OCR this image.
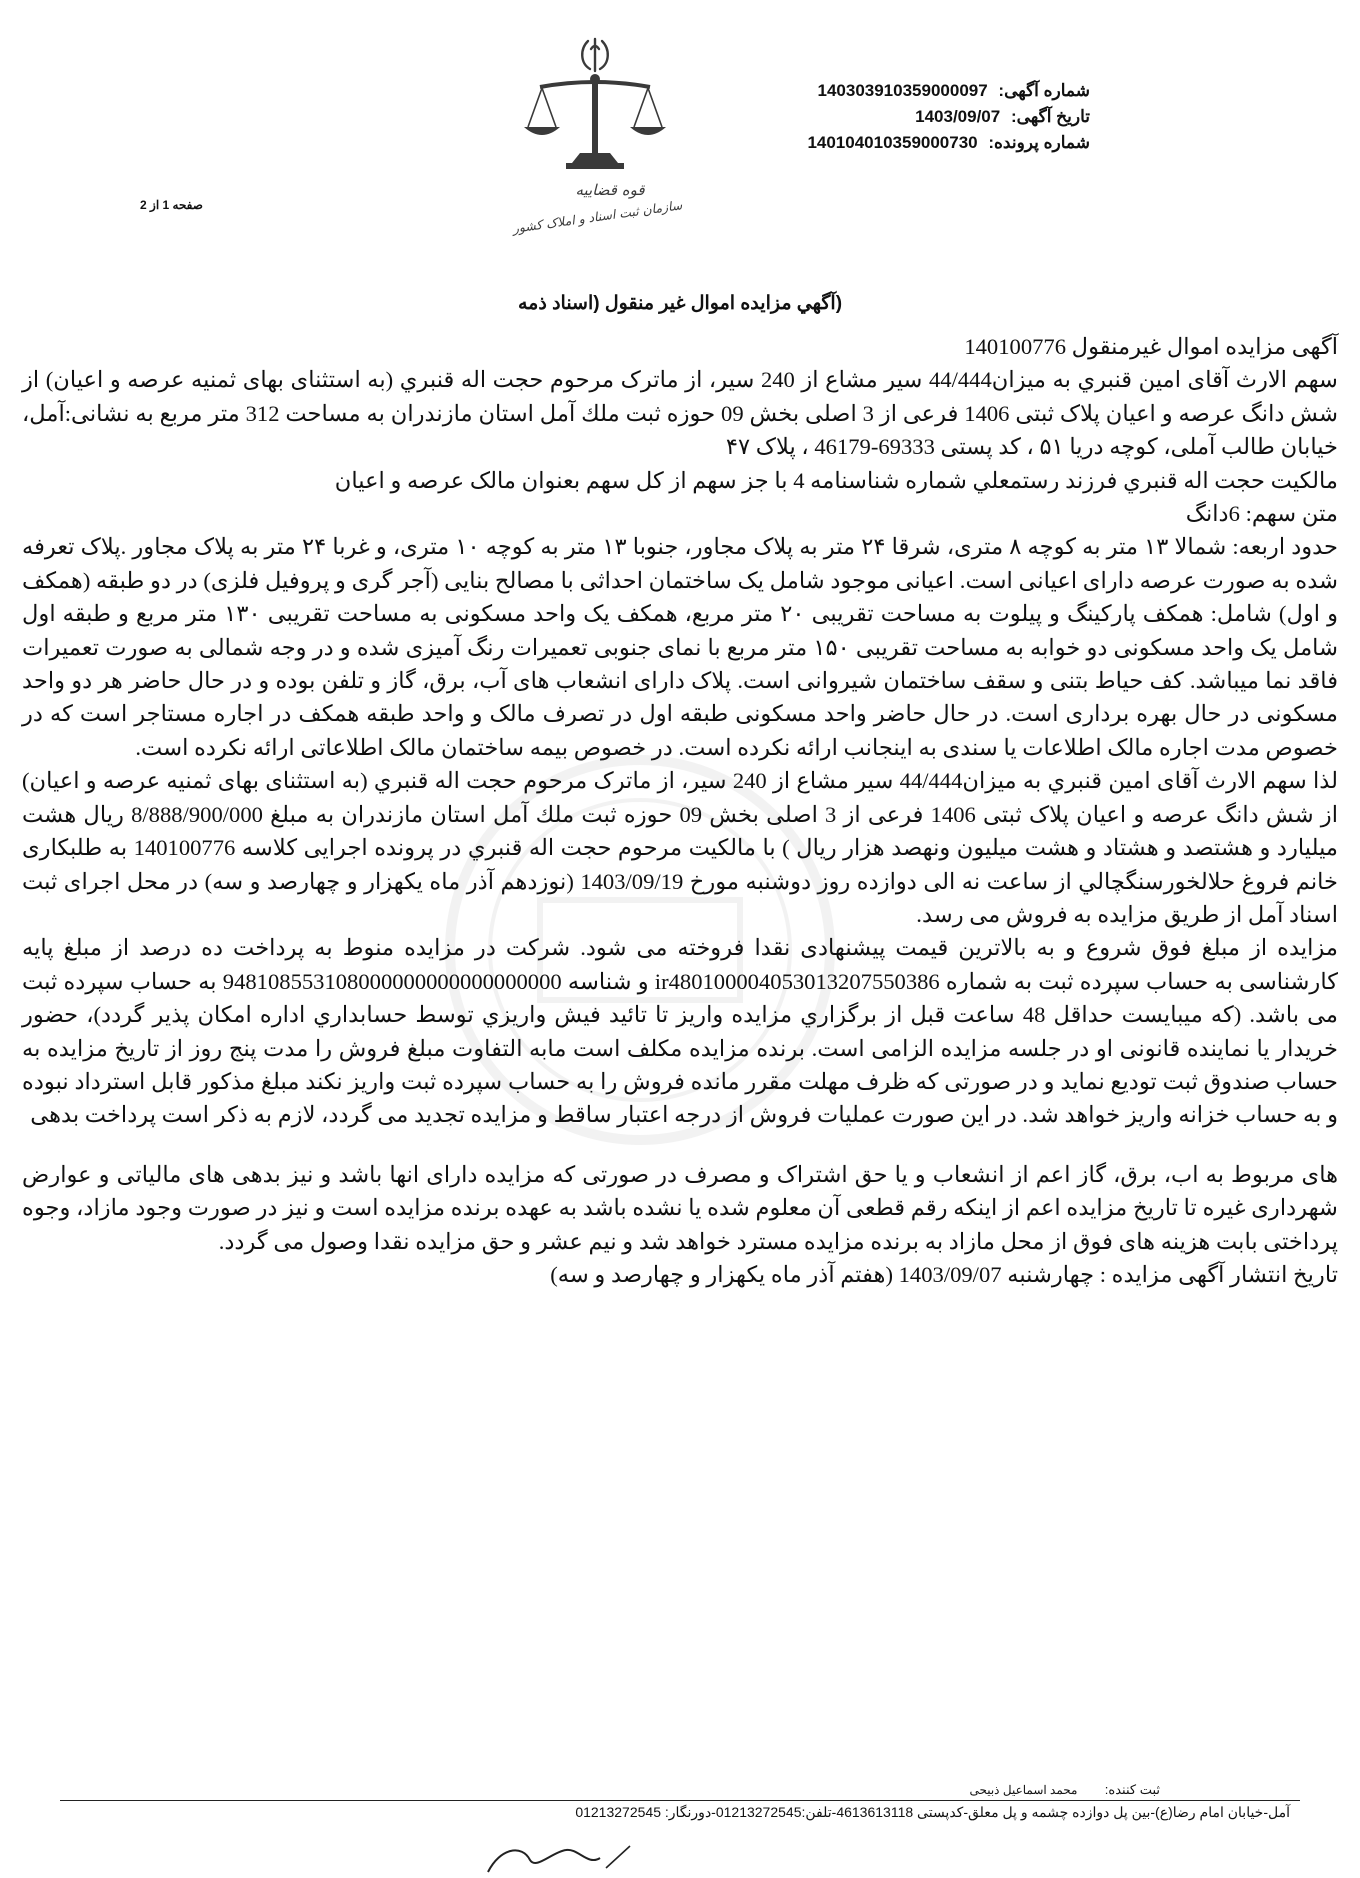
قوه قضاییه
سازمان ثبت اسناد و املاک کشور
شماره آگهی: 140303910359000097
تاریخ آگهی: 1403/09/07
شماره پرونده: 140104010359000730
صفحه 1 از 2
(آگهي مزايده اموال غير منقول (اسناد ذمه

آگهی مزایده اموال غیرمنقول 140100776

سهم الارث آقای امین قنبري به میزان44/444 سیر مشاع از 240 سیر، از ماترک مرحوم حجت اله قنبري (به استثنای بهای ثمنیه عرصه و اعیان) از شش دانگ عرصه و اعیان پلاک ثبتی 1406 فرعی از 3 اصلی بخش 09 حوزه ثبت ملك آمل استان مازندران به مساحت 312 متر مربع به نشانی:آمل، خیابان طالب آملی، کوچه دریا ۵۱ ، کد پستی 69333-46179 ، پلاک ۴۷

مالکیت حجت اله قنبري فرزند رستمعلي شماره شناسنامه 4 با جز سهم از کل سهم بعنوان مالک عرصه و اعیان

متن سهم: 6دانگ

حدود اربعه: شمالا ۱۳ متر به کوچه ۸ متری، شرقا ۲۴ متر به پلاک مجاور، جنوبا ۱۳ متر به کوچه ۱۰ متری، و غربا ۲۴ متر به پلاک مجاور .پلاک تعرفه شده به صورت عرصه دارای اعیانی است. اعیانی موجود شامل یک ساختمان احداثی با مصالح بنایی (آجر گری و پروفیل فلزی) در دو طبقه (همکف و اول) شامل: همکف پارکینگ و پیلوت به مساحت تقریبی ۲۰ متر مربع، همکف یک واحد مسکونی به مساحت تقریبی ۱۳۰ متر مربع و طبقه اول شامل یک واحد مسکونی دو خوابه به مساحت تقریبی ۱۵۰ متر مربع با نمای جنوبی تعمیرات رنگ آمیزی شده و در وجه شمالی به صورت تعمیرات فاقد نما میباشد. کف حیاط بتنی و سقف ساختمان شیروانی است. پلاک دارای انشعاب های آب، برق، گاز و تلفن بوده و در حال حاضر هر دو واحد مسکونی در حال بهره برداری است. در حال حاضر واحد مسکونی طبقه اول در تصرف مالک و واحد طبقه همکف در اجاره مستاجر است که در خصوص مدت اجاره مالک اطلاعات یا سندی به اینجانب ارائه نکرده است. در خصوص بیمه ساختمان مالک اطلاعاتی ارائه نکرده است.

لذا سهم الارث آقای امین قنبري به میزان44/444 سیر مشاع از 240 سیر، از ماترک مرحوم حجت اله قنبري (به استثنای بهای ثمنیه عرصه و اعیان) از شش دانگ عرصه و اعیان پلاک ثبتی 1406 فرعی از 3 اصلی بخش 09 حوزه ثبت ملك آمل استان مازندران به مبلغ 8/888/900/000 ریال هشت میلیارد و هشتصد و هشتاد و هشت میلیون ونهصد هزار ریال ) با مالکیت مرحوم حجت اله قنبري در پرونده اجرایی کلاسه 140100776 به طلبکاری خانم فروغ حلالخورسنگچالي از ساعت نه الی دوازده روز دوشنبه مورخ 1403/09/19 (نوزدهم آذر ماه یکهزار و چهارصد و سه) در محل اجرای ثبت اسناد آمل از طریق مزایده به فروش می رسد.

مزایده از مبلغ فوق شروع و به بالاترین قیمت پیشنهادی نقدا فروخته می شود. شرکت در مزایده منوط به پرداخت ده درصد از مبلغ پایه کارشناسی به حساب سپرده ثبت به شماره ir480100004053013207550386 و شناسه 948108553108000000000000000000 به حساب سپرده ثبت می باشد. (که میبایست حداقل 48 ساعت قبل از برگزاري مزایده واریز تا تائید فیش واریزي توسط حسابداري اداره امکان پذیر گردد)، حضور خریدار یا نماینده قانونی او در جلسه مزایده الزامی است. برنده مزایده مکلف است مابه التفاوت مبلغ فروش را مدت پنج روز از تاریخ مزایده به حساب صندوق ثبت تودیع نماید و در صورتی که ظرف مهلت مقرر مانده فروش را به حساب سپرده ثبت واریز نکند مبلغ مذکور قابل استرداد نبوده و به حساب خزانه واریز خواهد شد. در این صورت عملیات فروش از درجه اعتبار ساقط و مزایده تجدید می گردد، لازم به ذکر است پرداخت بدهی

های مربوط به اب، برق، گاز اعم از انشعاب و یا حق اشتراک و مصرف در صورتی که مزایده دارای انها باشد و نیز بدهی های مالیاتی و عوارض شهرداری غیره تا تاریخ مزایده اعم از اینکه رقم قطعی آن معلوم شده یا نشده باشد به عهده برنده مزایده است و نیز در صورت وجود مازاد، وجوه پرداختی بابت هزینه های فوق از محل مازاد به برنده مزایده مسترد خواهد شد و نیم عشر و حق مزایده نقدا وصول می گردد.

تاریخ انتشار آگهی مزایده : چهارشنبه 1403/09/07 (هفتم آذر ماه یکهزار و چهارصد و سه)

ثبت کننده: محمد اسماعیل ذبیحی
آمل-خیابان امام رضا(ع)-بین پل دوازده چشمه و پل معلق-کدپستی 4613613118-تلفن:01213272545-دورنگار: 01213272545
